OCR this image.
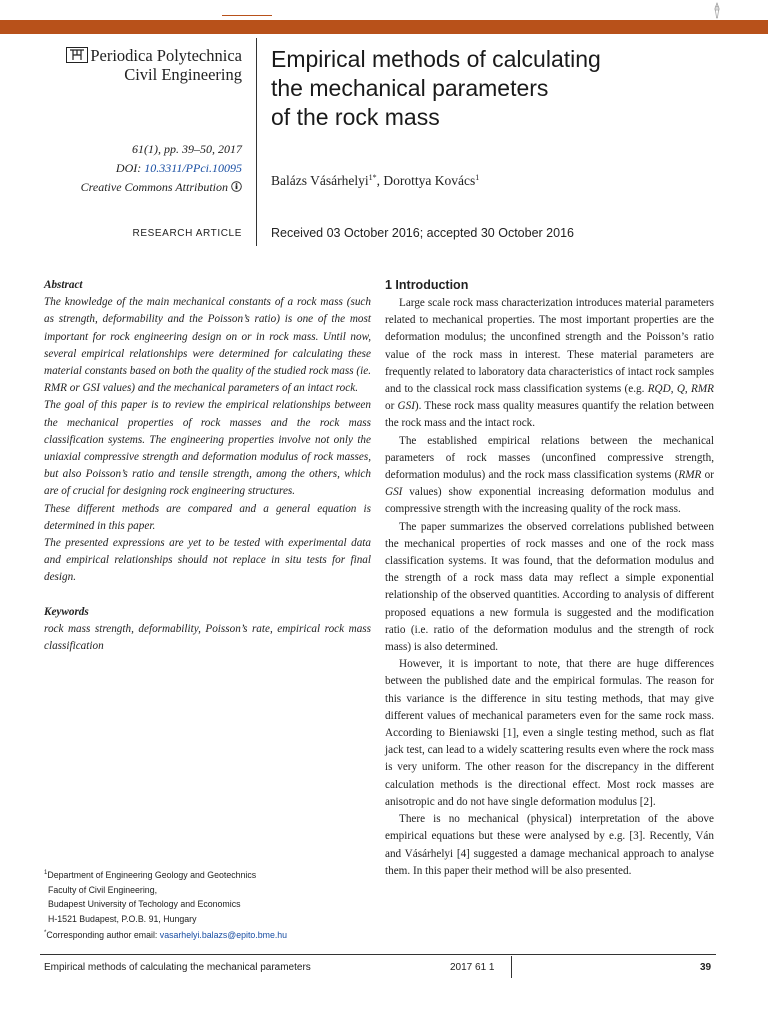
Periodica Polytechnica
Civil Engineering
61(1), pp. 39–50, 2017
DOI: 10.3311/PPci.10095
Creative Commons Attribution
RESEARCH ARTICLE
Empirical methods of calculating
the mechanical parameters
of the rock mass
Balázs Vásárhelyi$^{1*}$, Dorottya Kovács$^1$
Received 03 October 2016; accepted 30 October 2016

Abstract

The knowledge of the main mechanical constants of a rock mass (such as strength, deformability and the Poisson’s ratio) is one of the most important for rock engineering design on or in rock mass. Until now, several empirical relationships were determined for calculating these material constants based on both the quality of the studied rock mass (ie. RMR or GSI values) and the mechanical parameters of an intact rock.

The goal of this paper is to review the empirical relationships between the mechanical properties of rock masses and the rock mass classification systems. The engineering properties involve not only the uniaxial compressive strength and deformation modulus of rock masses, but also Poisson’s ratio and tensile strength, among the others, which are of crucial for designing rock engineering structures.

These different methods are compared and a general equation is determined in this paper.

The presented expressions are yet to be tested with experimental data and empirical relationships should not replace in situ tests for final design.

Keywords

rock mass strength, deformability, Poisson’s rate, empirical rock mass classification

$^1$Department of Engineering Geology and Geotechnics

Faculty of Civil Engineering,

Budapest University of Techology and Economics

H-1521 Budapest, P.O.B. 91, Hungary

*Corresponding author email: vasarhelyi.balazs@epito.bme.hu

1 Introduction

Large scale rock mass characterization introduces material parameters related to mechanical properties. The most important properties are the deformation modulus; the unconfined strength and the Poisson’s ratio value of the rock mass in interest. These material parameters are frequently related to laboratory data characteristics of intact rock samples and to the classical rock mass classification systems (e.g. RQD, Q, RMR or GSI). These rock mass quality measures quantify the relation between the rock mass and the intact rock.

The established empirical relations between the mechanical parameters of rock masses (unconfined compressive strength, deformation modulus) and the rock mass classification systems (RMR or GSI values) show exponential increasing deformation modulus and compressive strength with the increasing quality of the rock mass.

The paper summarizes the observed correlations published between the mechanical properties of rock masses and one of the rock mass classification systems. It was found, that the deformation modulus and the strength of a rock mass data may reflect a simple exponential relationship of the observed quantities. According to analysis of different proposed equations a new formula is suggested and the modification ratio (i.e. ratio of the deformation modulus and the strength of rock mass) is also determined.

However, it is important to note, that there are huge differences between the published date and the empirical formulas. The reason for this variance is the difference in situ testing methods, that may give different values of mechanical parameters even for the same rock mass. According to Bieniawski [1], even a single testing method, such as flat jack test, can lead to a widely scattering results even where the rock mass is very uniform. The other reason for the discrepancy in the different calculation methods is the directional effect. Most rock masses are anisotropic and do not have single deformation modulus [2].

There is no mechanical (physical) interpretation of the above empirical equations but these were analysed by e.g. [3]. Recently, Ván and Vásárhelyi [4] suggested a damage mechanical approach to analyse them. In this paper their method will be also presented.

Empirical methods of calculating the mechanical parameters	2017 61 1	39
